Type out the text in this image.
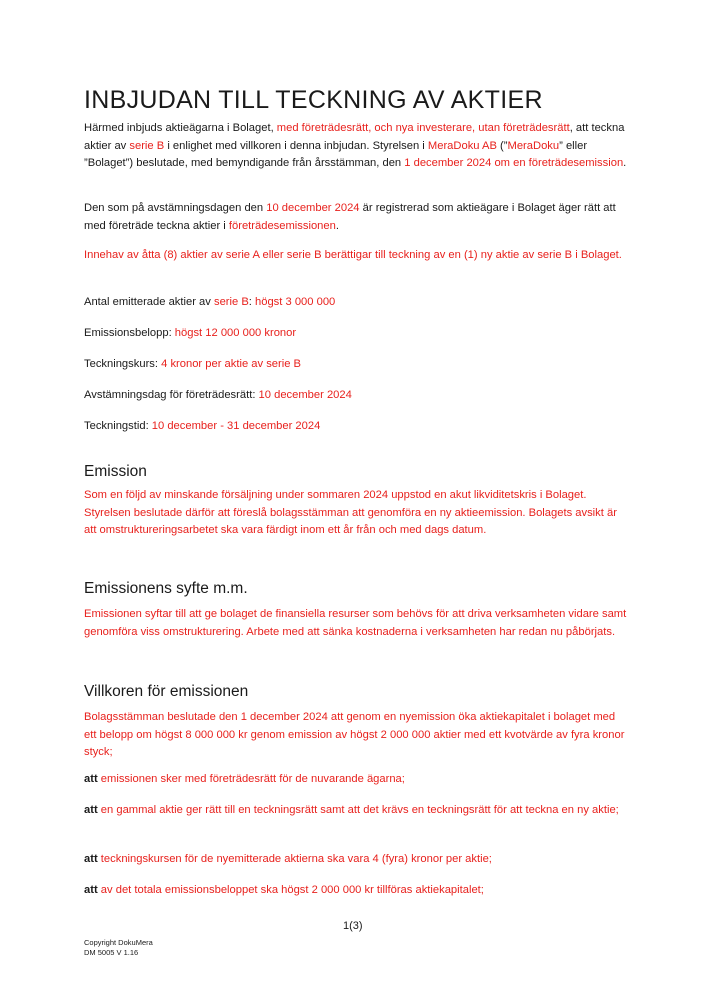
INBJUDAN TILL TECKNING AV AKTIER

Härmed inbjuds aktieägarna i Bolaget, med företrädesrätt, och nya investerare, utan företrädesrätt, att teckna aktier av serie B i enlighet med villkoren i denna inbjudan. Styrelsen i MeraDoku AB (”MeraDoku” eller ”Bolaget”) beslutade, med bemyndigande från årsstämman, den 1 december 2024 om en företrädesemission.

Den som på avstämningsdagen den 10 december 2024 är registrerad som aktieägare i Bolaget äger rätt att med företräde teckna aktier i företrädesemissionen.

Innehav av åtta (8) aktier av serie A eller serie B berättigar till teckning av en (1) ny aktie av serie B i Bolaget.

Antal emitterade aktier av serie B: högst 3 000 000

Emissionsbelopp: högst 12 000 000 kronor

Teckningskurs: 4 kronor per aktie av serie B

Avstämningsdag för företrädesrätt: 10 december 2024

Teckningstid: 10 december - 31 december 2024

Emission

Som en följd av minskande försäljning under sommaren 2024 uppstod en akut likviditetskris i Bolaget. Styrelsen beslutade därför att föreslå bolagsstämman att genomföra en ny aktieemission. Bolagets avsikt är att omstruktureringsarbetet ska vara färdigt inom ett år från och med dags datum.

Emissionens syfte m.m.

Emissionen syftar till att ge bolaget de finansiella resurser som behövs för att driva verksamheten vidare samt genomföra viss omstrukturering. Arbete med att sänka kostnaderna i verksamheten har redan nu påbörjats.

Villkoren för emissionen

Bolagsstämman beslutade den 1 december 2024 att genom en nyemission öka aktiekapitalet i bolaget med ett belopp om högst 8 000 000 kr genom emission av högst 2 000 000 aktier med ett kvotvärde av fyra kronor styck;

att emissionen sker med företrädesrätt för de nuvarande ägarna;

att en gammal aktie ger rätt till en teckningsrätt samt att det krävs en teckningsrätt för att teckna en ny aktie;

att teckningskursen för de nyemitterade aktierna ska vara 4 (fyra) kronor per aktie;

att av det totala emissionsbeloppet ska högst 2 000 000 kr tillföras aktiekapitalet;

1(3)
Copyright DokuMera
DM 5005 V 1.16
